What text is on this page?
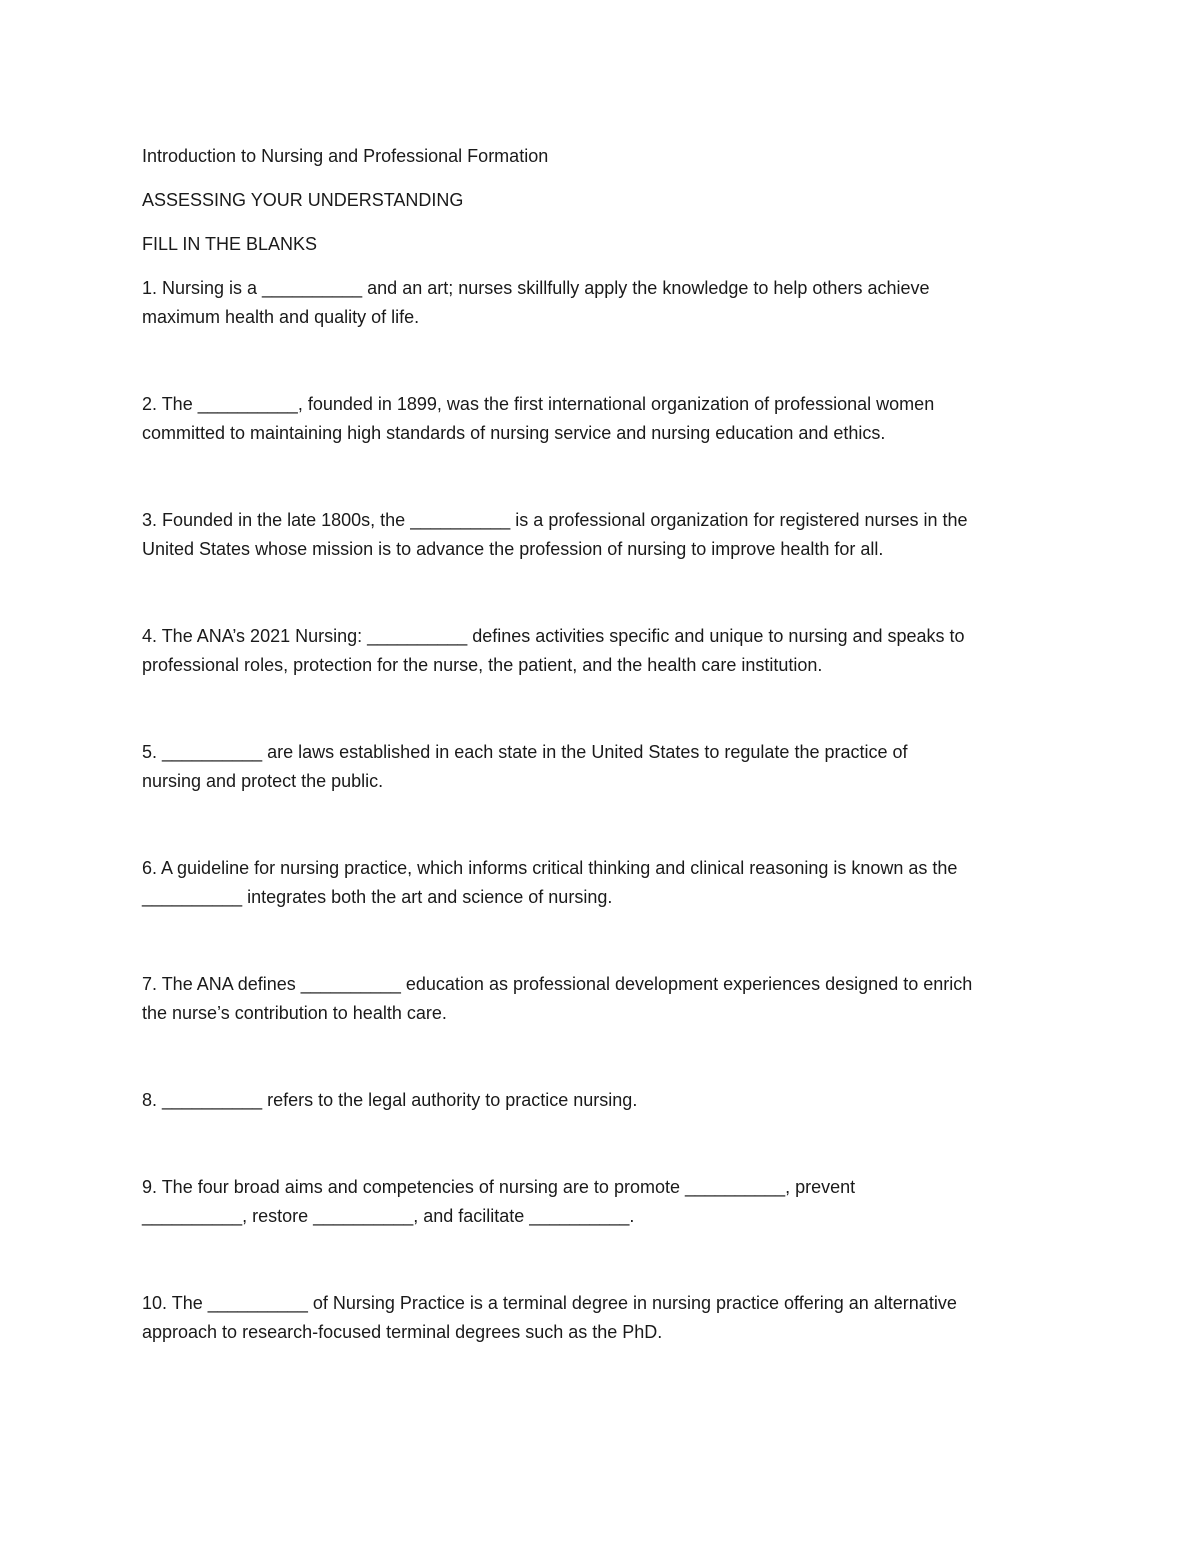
Introduction to Nursing and Professional Formation

ASSESSING YOUR UNDERSTANDING

FILL IN THE BLANKS

1. Nursing is a __________ and an art; nurses skillfully apply the knowledge to help others achieve

maximum health and quality of life.

2. The __________, founded in 1899, was the first international organization of professional women

committed to maintaining high standards of nursing service and nursing education and ethics.

3. Founded in the late 1800s, the __________ is a professional organization for registered nurses in the

United States whose mission is to advance the profession of nursing to improve health for all.

4. The ANA’s 2021 Nursing: __________ defines activities specific and unique to nursing and speaks to

professional roles, protection for the nurse, the patient, and the health care institution.

5. __________ are laws established in each state in the United States to regulate the practice of

nursing and protect the public.

6. A guideline for nursing practice, which informs critical thinking and clinical reasoning is known as the

__________ integrates both the art and science of nursing.

7. The ANA defines __________ education as professional development experiences designed to enrich

the nurse’s contribution to health care.

8. __________ refers to the legal authority to practice nursing.

9. The four broad aims and competencies of nursing are to promote __________, prevent

__________, restore __________, and facilitate __________.

10. The __________ of Nursing Practice is a terminal degree in nursing practice offering an alternative

approach to research-focused terminal degrees such as the PhD.
